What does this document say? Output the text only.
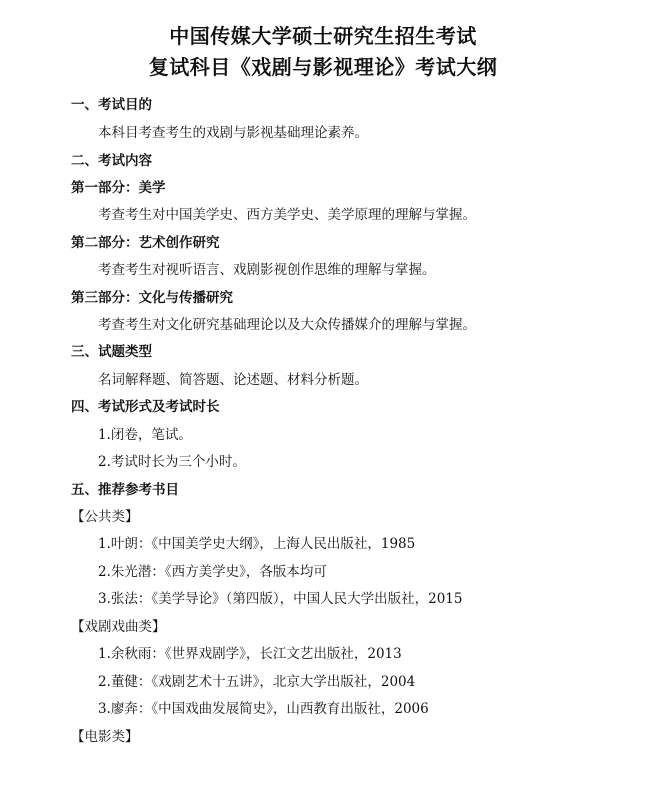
中国传媒大学硕士研究生招生考试
复试科目《戏剧与影视理论》考试大纲
一、考试目的
本科目考查考生的戏剧与影视基础理论素养。
二、考试内容
第一部分：美学
考查考生对中国美学史、西方美学史、美学原理的理解与掌握。
第二部分：艺术创作研究
考查考生对视听语言、戏剧影视创作思维的理解与掌握。
第三部分：文化与传播研究
考查考生对文化研究基础理论以及大众传播媒介的理解与掌握。
三、试题类型
名词解释题、简答题、论述题、材料分析题。
四、考试形式及考试时长
1.闭卷，笔试。
2.考试时长为三个小时。
五、推荐参考书目
【公共类】
1.叶朗：《中国美学史大纲》，上海人民出版社，1985
2.朱光潜：《西方美学史》，各版本均可
3.张法：《美学导论》（第四版），中国人民大学出版社，2015
【戏剧戏曲类】
1.余秋雨：《世界戏剧学》，长江文艺出版社，2013
2.董健：《戏剧艺术十五讲》，北京大学出版社，2004
3.廖奔：《中国戏曲发展简史》，山西教育出版社，2006
【电影类】
